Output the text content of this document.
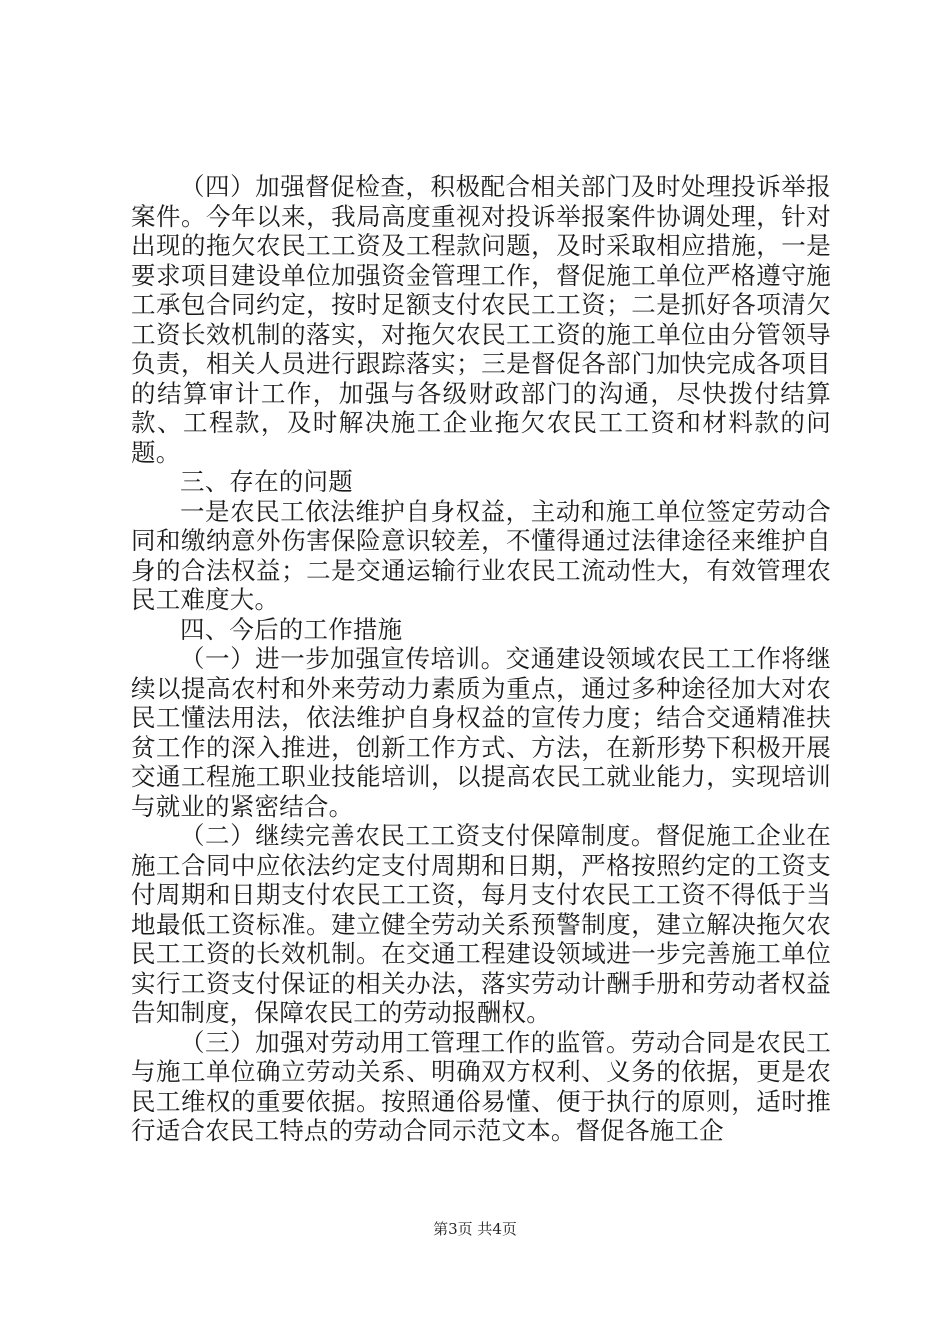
（四）加强督促检查，积极配合相关部门及时处理投诉举报案件。今年以来，我局高度重视对投诉举报案件协调处理，针对出现的拖欠农民工工资及工程款问题，及时采取相应措施，一是要求项目建设单位加强资金管理工作，督促施工单位严格遵守施工承包合同约定，按时足额支付农民工工资；二是抓好各项清欠工资长效机制的落实，对拖欠农民工工资的施工单位由分管领导负责，相关人员进行跟踪落实；三是督促各部门加快完成各项目的结算审计工作，加强与各级财政部门的沟通，尽快拨付结算款、工程款，及时解决施工企业拖欠农民工工资和材料款的问题。

三、存在的问题

一是农民工依法维护自身权益，主动和施工单位签定劳动合同和缴纳意外伤害保险意识较差，不懂得通过法律途径来维护自身的合法权益；二是交通运输行业农民工流动性大，有效管理农民工难度大。

四、今后的工作措施

（一）进一步加强宣传培训。交通建设领域农民工工作将继续以提高农村和外来劳动力素质为重点，通过多种途径加大对农民工懂法用法，依法维护自身权益的宣传力度；结合交通精准扶贫工作的深入推进，创新工作方式、方法，在新形势下积极开展交通工程施工职业技能培训，以提高农民工就业能力，实现培训与就业的紧密结合。

（二）继续完善农民工工资支付保障制度。督促施工企业在施工合同中应依法约定支付周期和日期，严格按照约定的工资支付周期和日期支付农民工工资，每月支付农民工工资不得低于当地最低工资标准。建立健全劳动关系预警制度，建立解决拖欠农民工工资的长效机制。在交通工程建设领域进一步完善施工单位实行工资支付保证的相关办法，落实劳动计酬手册和劳动者权益告知制度，保障农民工的劳动报酬权。

（三）加强对劳动用工管理工作的监管。劳动合同是农民工与施工单位确立劳动关系、明确双方权利、义务的依据，更是农民工维权的重要依据。按照通俗易懂、便于执行的原则，适时推行适合农民工特点的劳动合同示范文本。督促各施工企

第3页 共4页
